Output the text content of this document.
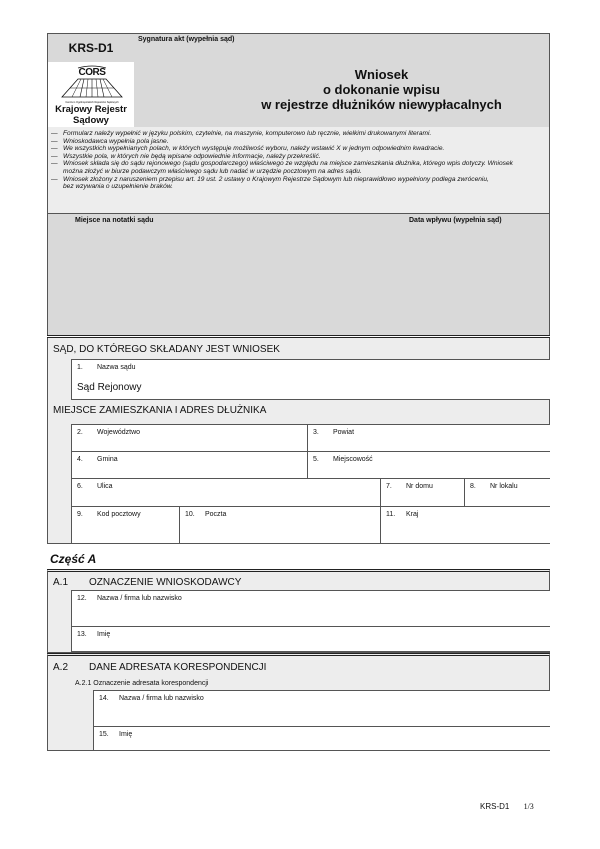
KRS-D1
Sygnatura akt (wypełnia sąd)
CORS
Centrum Ogólnopolskich Rejestrów Sądowych
Krajowy Rejestr
Sądowy
Wniosek
o dokonanie wpisu
w rejestrze dłużników niewypłacalnych
— Formularz należy wypełnić w języku polskim, czytelnie, na maszynie, komputerowo lub ręcznie, wielkimi drukowanymi literami.
— Wnioskodawca wypełnia pola jasne.
— We wszystkich wypełnianych polach, w których występuje możliwość wyboru, należy wstawić X w jednym odpowiednim kwadracie.
— Wszystkie pola, w których nie będą wpisane odpowiednie informacje, należy przekreślić.
— Wniosek składa się do sądu rejonowego (sądu gospodarczego) właściwego ze względu na miejsce zamieszkania dłużnika, którego wpis dotyczy. Wniosek można złożyć w biurze podawczym właściwego sądu lub nadać w urzędzie pocztowym na adres sądu.
— Wniosek złożony z naruszeniem przepisu art. 19 ust. 2 ustawy o Krajowym Rejestrze Sądowym lub nieprawidłowo wypełniony podlega zwróceniu, bez wzywania o uzupełnienie braków.
Miejsce na notatki sądu	Data wpływu (wypełnia sąd)
SĄD, DO KTÓREGO SKŁADANY JEST WNIOSEK
1. Nazwa sądu
Sąd Rejonowy
MIEJSCE ZAMIESZKANIA I ADRES DŁUŻNIKA
2. Województwo	3. Powiat
4. Gmina	5. Miejscowość
6. Ulica	7. Nr domu	8. Nr lokalu
9. Kod pocztowy	10. Poczta	11. Kraj
Część A
A.1 OZNACZENIE WNIOSKODAWCY
12. Nazwa / firma lub nazwisko
13. Imię
A.2 DANE ADRESATA KORESPONDENCJI
A.2.1 Oznaczenie adresata korespondencji
14. Nazwa / firma lub nazwisko
15. Imię
KRS-D1 1/3
